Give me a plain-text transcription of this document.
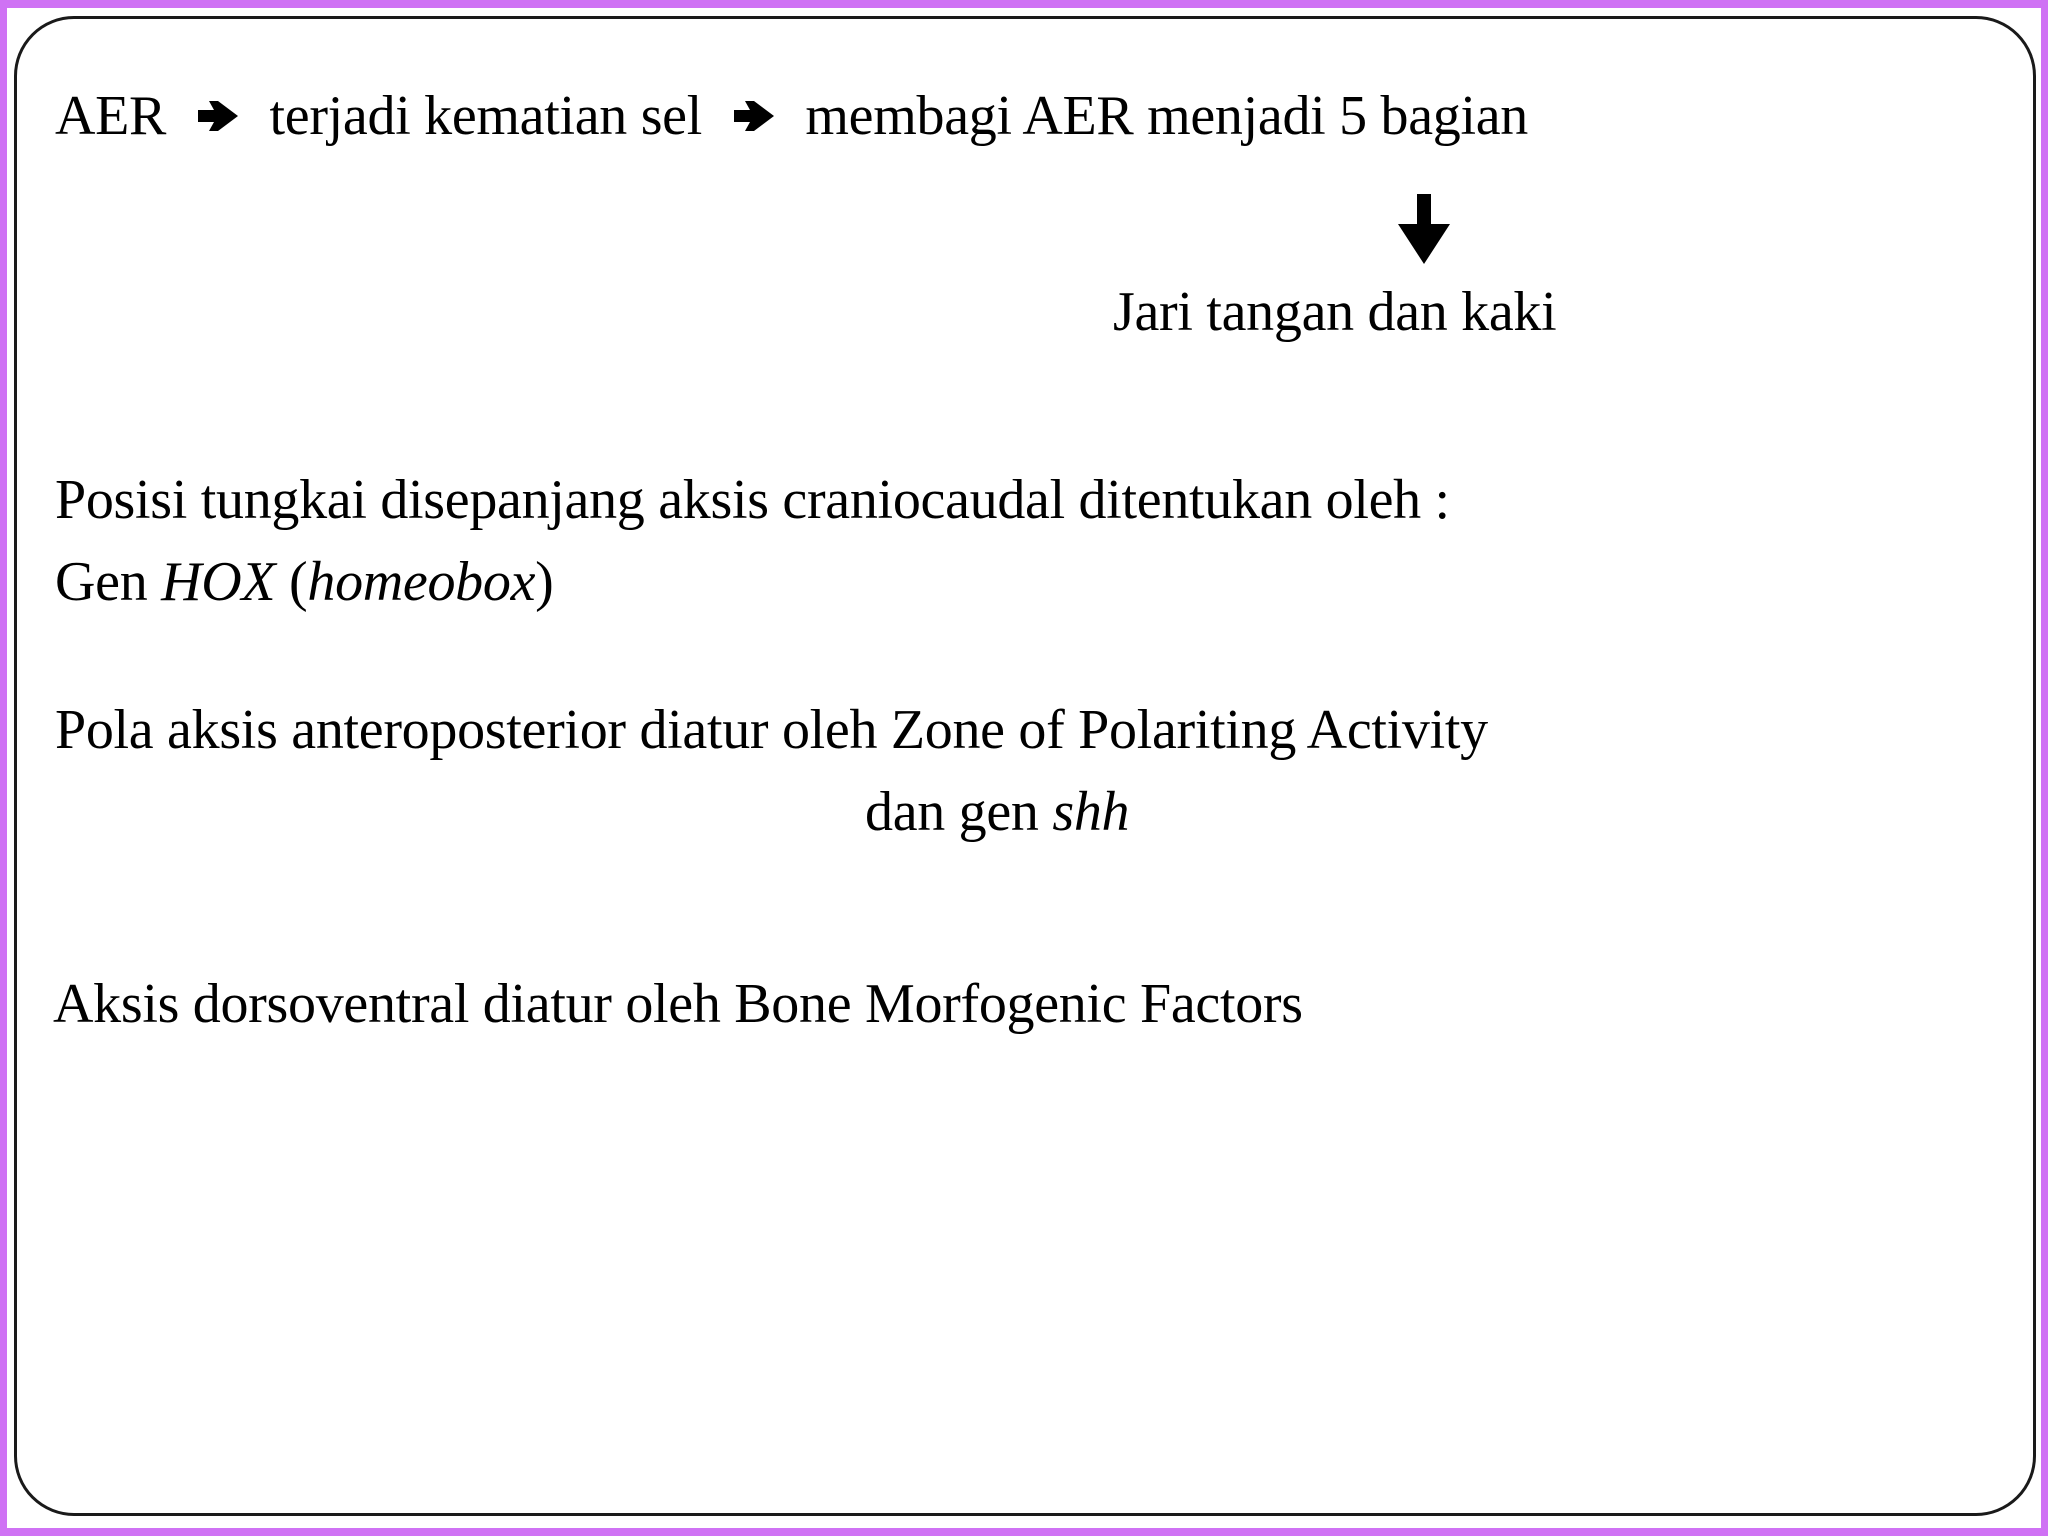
AER terjadi kematian sel membagi AER menjadi 5 bagian
Jari tangan dan kaki
Posisi tungkai disepanjang aksis craniocaudal ditentukan oleh :
Gen HOX (homeobox)
Pola aksis anteroposterior diatur oleh Zone of Polariting Activity
dan gen shh
Aksis dorsoventral diatur oleh Bone Morfogenic Factors
